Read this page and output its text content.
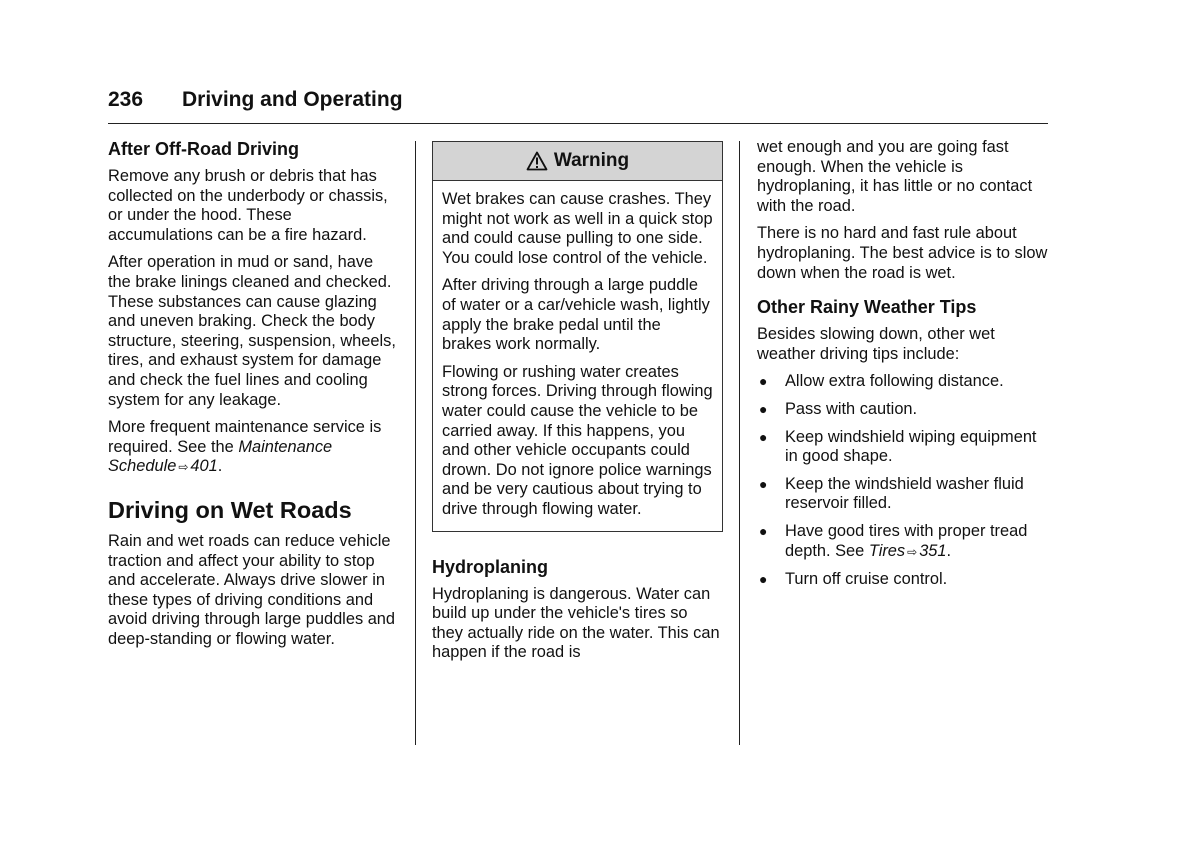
236 Driving and Operating
After Off-Road Driving

Remove any brush or debris that has collected on the underbody or chassis, or under the hood. These accumulations can be a fire hazard.

After operation in mud or sand, have the brake linings cleaned and checked. These substances can cause glazing and uneven braking. Check the body structure, steering, suspension, wheels, tires, and exhaust system for damage and check the fuel lines and cooling system for any leakage.

More frequent maintenance service is required. See the Maintenance Schedule ⇨ 401.

Driving on Wet Roads

Rain and wet roads can reduce vehicle traction and affect your ability to stop and accelerate. Always drive slower in these types of driving conditions and avoid driving through large puddles and deep-standing or flowing water.

Warning

Wet brakes can cause crashes. They might not work as well in a quick stop and could cause pulling to one side. You could lose control of the vehicle.

After driving through a large puddle of water or a car/vehicle wash, lightly apply the brake pedal until the brakes work normally.

Flowing or rushing water creates strong forces. Driving through flowing water could cause the vehicle to be carried away. If this happens, you and other vehicle occupants could drown. Do not ignore police warnings and be very cautious about trying to drive through flowing water.

Hydroplaning

Hydroplaning is dangerous. Water can build up under the vehicle's tires so they actually ride on the water. This can happen if the road is

wet enough and you are going fast enough. When the vehicle is hydroplaning, it has little or no contact with the road.

There is no hard and fast rule about hydroplaning. The best advice is to slow down when the road is wet.

Other Rainy Weather Tips

Besides slowing down, other wet weather driving tips include:

● Allow extra following distance.
● Pass with caution.
● Keep windshield wiping equipment in good shape.
● Keep the windshield washer fluid reservoir filled.
● Have good tires with proper tread depth. See Tires ⇨ 351.
● Turn off cruise control.
